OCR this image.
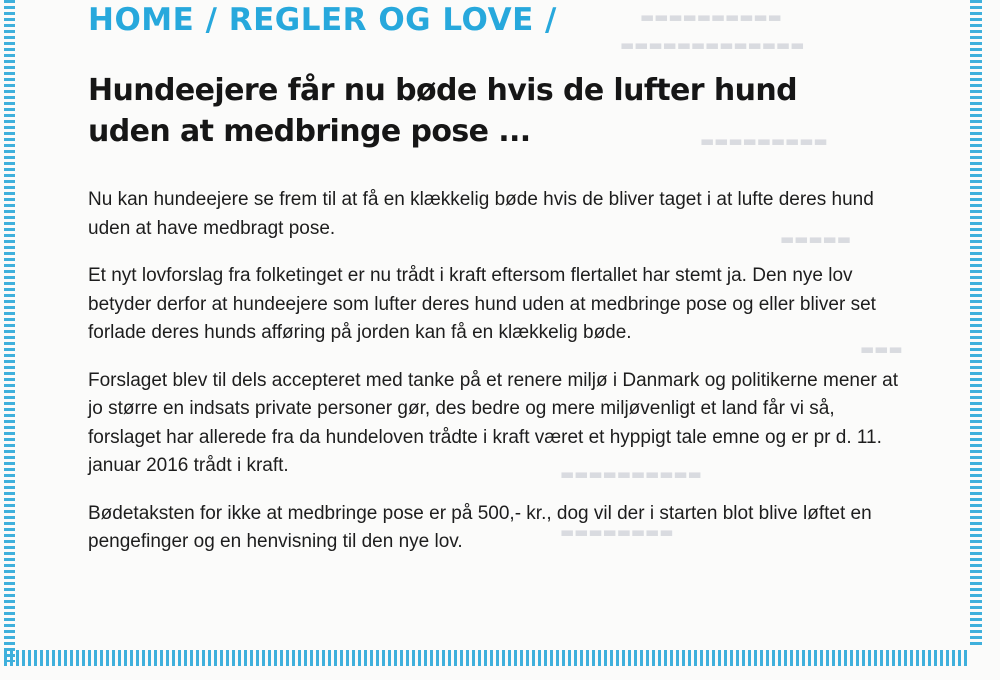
▬▬▬▬▬▬▬▬▬▬
▬▬▬▬▬▬▬▬▬▬▬▬▬
▬▬▬▬▬▬▬▬▬
▬▬▬▬▬
▬▬▬
▬▬▬▬▬▬▬▬▬▬
▬▬▬▬▬▬▬▬
HOME / REGLER OG LOVE /
Hundeejere får nu bøde hvis de lufter hund uden at medbringe pose ...

Nu kan hundeejere se frem til at få en klækkelig bøde hvis de bliver taget i at lufte deres hund uden at have medbragt pose.

Et nyt lovforslag fra folketinget er nu trådt i kraft eftersom flertallet har stemt ja. Den nye lov betyder derfor at hundeejere som lufter deres hund uden at medbringe pose og eller bliver set forlade deres hunds afføring på jorden kan få en klækkelig bøde.

Forslaget blev til dels accepteret med tanke på et renere miljø i Danmark og politikerne mener at jo større en indsats private personer gør, des bedre og mere miljøvenligt et land får vi så, forslaget har allerede fra da hundeloven trådte i kraft været et hyppigt tale emne og er pr d. 11. januar 2016 trådt i kraft.

Bødetaksten for ikke at medbringe pose er på 500,- kr., dog vil der i starten blot blive løftet en pengefinger og en henvisning til den nye lov.
